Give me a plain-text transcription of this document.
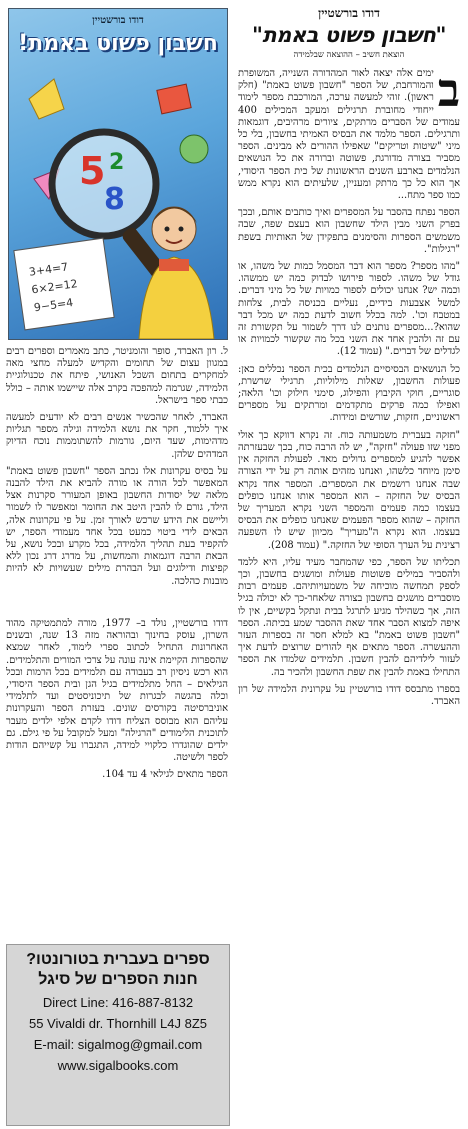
דודו בורשטיין
חשבון פשוט באמת!
5
8
2
3+4=7
6×2=12
9−5=4
דודו בורשטיין
"חשבון פשוט באמת"
הוצאת חשיב – ההוצאה שבלמידה

ב
ימים אלה יצאה לאור המהדורה השנייה, המשופרת והמורחבת, של הספר "חשבון פשוט באמת" (חלק ראשון). זוהי למעשה ערכה, המורכבת מספר לימוד ייחודי מחוברת תרגילים ומעקב המכילים 400 עמודים של הסברים מרתקים, ציורים מרהיבים, דוגמאות ותרגילים. הספר מלמד את הבסיס האמיתי בחשבון, בלי כל מיני "שיטות וטריקים" שאפילו ההורים לא מבינים. הספר מסביר בצורה מדורגת, פשוטה וברורה את כל הנושאים הנלמדים בארבע השנים הראשונות של כית הספר היסודי, אך הוא כל כך מרתק ומעניין, שלעיתים הוא נקרא ממש כמו ספר מתח...

הספר נפתח בהסבר על המספרים ואיך כותבים אותם, ובכך בפרק השני מבין הילד שחשבון הוא בעצם שפה, שבה משמשים הספרות והסימנים בתפקידן של האותיות בשפת "רגילות".

"מהו מספר? מספר הוא דבר המסמל כמות של משהו, או גודל של משהו. לספור פירושו לבדוק כמה יש ממשהו. וכמה יש? אנחנו יכולים לספור כמויות של כל מיני דברים. למשל אצבעות בידיים, נעליים בכניסה לבית, צלחות במטבח וכו'. למה בכלל חשוב לדעת כמה יש מכל דבר שהוא?...מספרים נותנים לנו דרך לשמור על תקשורת זה עם זה ולהבין אחד את השני בכל מה שקשור לכמויות או לגדלים של דברים." (עמוד 12).

כל הנושאים הבסיסיים הנלמדים בכית הספר נכללים כאן: פעולות החשבון, שאלות מילוליות, תרגילי שרשרת, סוגריים, חוקי הקיבוץ והפילוג, סימני חילוק וכו' הלאה; ואפילו כמה פרקים מתקדמים ומרתקים על מספרים ראשוניים, חזקות, שורשים ומידות.

"חזקה בעברית משמעותה כוח. זה נקרא דווקא כך אולי מפני שזו פעולה "חזקה", יש לה הרבה כוח, בכך שבעזרתה אפשר להגיע למספרים גדולים מאד. לפעולת החזקה אין סימן מיוחד כלשהו, ואנחנו מזהים אותה רק על ידי הצורה שבה אנחנו רושמים את המספרים. המספר אחד נקרא הבסיס של החזקה – הוא המספר אותו אנחנו כופלים בעצמו כמה פעמים והמספר השני נקרא המעריך של החזקה – שהוא מספר הפעמים שאנחנו כופלים את הבסיס בעצמו. הוא נקרא ה"מעריך" מכיוון שיש לו השפעה רצינית על הערך הסופי של החזקה." (עמוד 208).

תכליתו של הספר, כפי שהמחבר מעיד עליו, היא ללמד ולהסביר במילים פשוטות פעולות ומושגים בחשבון, וכך לספק תמחשה מוכיחה של משמעויותיהם. פעמים רבות מוסברים מושגים בחשבון בצורה שלאחר-כך לא יכולה בגיל הזה, אך כשהילד מגיע לתרגל בבית ונתקל בקשיים, אין לו איפה למצוא הסבר אחד שאת ההסבר שמע בכיתה. הספר "חשבון פשוט באמת" בא למלא חסר זה בספרות העזר וההעשרה. הספר מתאים אף להורים שרוצים לדעת איך לעזור לילדיהם להבין חשבון. תלמידים שלמדו את הספר התחילו באמת להבין את שפת החשבון ולהכיר בה.

בספרו מתבסס דודו בורשטיין על עקרונית הלמידה של רון האברד.

ל. רון האברד, סופר והומניטר, כתב מאמרים וספרים רבים במגוון עצום של תחומים והקדיש למעלה מחצי מאה למחקרים בתחום השכל האנושי, פיתח את טכנולוגיית הלמידה, שגרמה למהפכה בקרב אלה שיישמו אותה – כולל כבתי ספר בישראל.

האברד, לאחר שהכשיר אנשים רבים לא יודעים למעשה איך ללמוד, חקר את נושא הלמידה וגילה מספר תגליות מדהימות, שעד היום, גורמות להשתוממות נוכח הדיוק המדהים שלהן.

על בסיס עקרונות אלו נכתב הספר "חשבון פשוט באמת" המאפשר לכל הורה או מורה להביא את הילד להבנה מלאה של יסודות החשבון באופן המעורר סקרנות אצל הילד, גורם לו להבין היטב את החומר ומאפשר לו לשמור וליישם את הידע שרכש לאורך זמן. על פי עקרונות אלה, הבאים לידי ביטוי כמעט בכל אחד מעמודי הספר, יש להקפיד בעת תהליך הלמידה, בכל מקרע ובכל נושא, על הבאת הרבה דוגמאות והמחשות, על מדרג דרג נכון ללא קפיצות ודילוגים ועל הבהרת מילים שעשויות לא להיות מובנות כהלכה.

דודו בורשטיין, נולד ב– 1977, מורה למתמטיקה מהוד השרון, עוסק בחינוך ובהוראה מזה 13 שנה, ובשנים האחרונות התחיל לכתוב ספרי לימוד, לאחר שמצא שהספרות הקיימת אינה עונה על צרכי המורים והתלמידים. הוא רכש ניסיון רב בעבודה עם תלמידים בכל הרמות ובכל הגילאים – החל מתלמידים בגיל הגן ובית הספר היסודי, וכלה בהגשה לבגרות של תיכוניסטים ועד לתלמידי אוניברסיטה בקורסים שונים. בעזרת הספר והעקרונות עליהם הוא מבוסס הצליח דודו לקדם אלפי ילדים מעבר לתוכנית הלימודים "הרגילה" ומעל למקובל על פי גילם. גם ילדים שהוגדרו כלקויי למידה, התגברו על קשייהם הודות לספר ולשיטה.

הספר מתאים לגילאי 4 עד 104.

ספרים בעברית בטורונטו?
חנות הספרים של סיגל
Direct Line: 416-887-8132
55 Vivaldi dr. Thornhill L4J 8Z5
E-mail: sigalmog@gmail.com
www.sigalbooks.com
